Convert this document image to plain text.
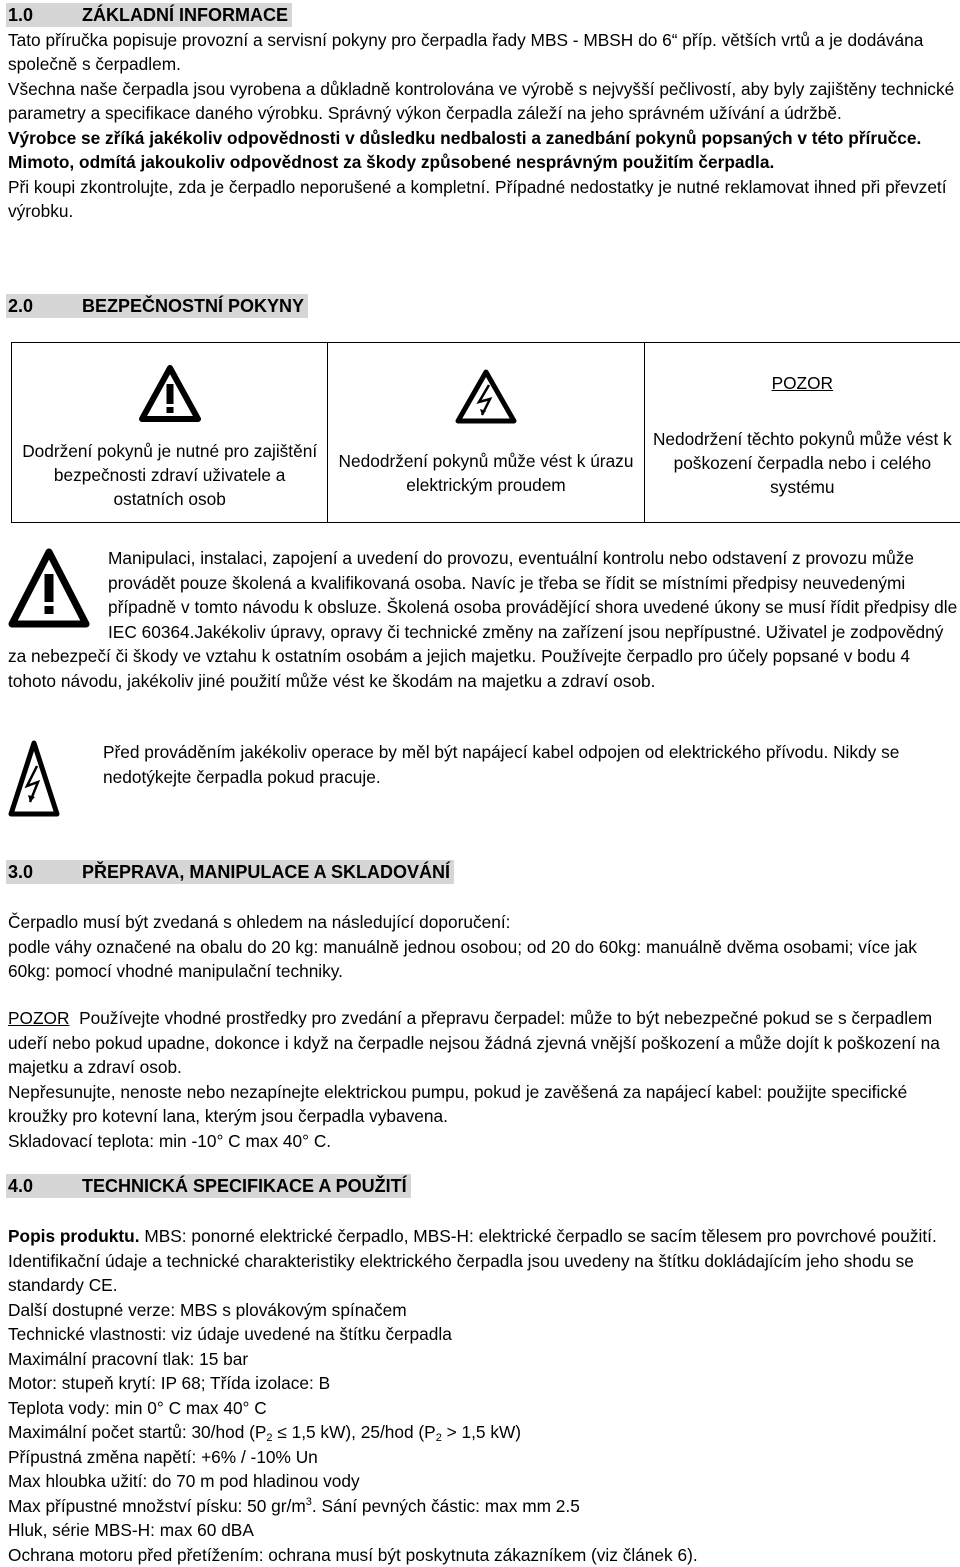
1.0	ZÁKLADNÍ INFORMACE

Tato příručka popisuje provozní a servisní pokyny pro čerpadla řady MBS - MBSH do 6“ příp. větších vrtů a je dodávána společně s čerpadlem.

Všechna naše čerpadla jsou vyrobena a důkladně kontrolována ve výrobě s nejvyšší pečlivostí, aby byly zajištěny technické parametry a specifikace daného výrobku. Správný výkon čerpadla záleží na jeho správném užívání a údržbě.

Výrobce se zříká jakékoliv odpovědnosti v důsledku nedbalosti a zanedbání pokynů popsaných v této příručce. Mimoto, odmítá jakoukoliv odpovědnost za škody způsobené nesprávným použitím čerpadla.

Při koupi zkontrolujte, zda je čerpadlo neporušené a kompletní. Případné nedostatky je nutné reklamovat ihned při převzetí výrobku.

2.0	BEZPEČNOSTNÍ POKYNY
Dodržení pokynů je nutné pro zajištění bezpečnosti zdraví uživatele a ostatních osob

Nedodržení pokynů může vést k úrazu elektrickým proudem

POZOR
Nedodržení těchto pokynů může vést k poškození čerpadla nebo i celého systému

Manipulaci, instalaci, zapojení a uvedení do provozu, eventuální kontrolu nebo odstavení z provozu může provádět pouze školená a kvalifikovaná osoba. Navíc je třeba se řídit se místními předpisy neuvedenými případně v tomto návodu k obsluze. Školená osoba provádějící shora uvedené úkony se musí řídit předpisy dle IEC 60364.Jakékoliv úpravy, opravy či technické změny na zařízení jsou nepřípustné. Uživatel je zodpovědný za nebezpečí či škody ve vztahu k ostatním osobám a jejich majetku. Používejte čerpadlo pro účely popsané v bodu 4 tohoto návodu, jakékoliv jiné použití může vést ke škodám na majetku a zdraví osob.

Před prováděním jakékoliv operace by měl být napájecí kabel odpojen od elektrického přívodu. Nikdy se nedotýkejte čerpadla pokud pracuje.

3.0	PŘEPRAVA, MANIPULACE A SKLADOVÁNÍ

Čerpadlo musí být zvedaná s ohledem na následující doporučení:

podle váhy označené na obalu do 20 kg: manuálně jednou osobou; od 20 do 60kg: manuálně dvěma osobami; více jak 60kg: pomocí vhodné manipulační techniky.

POZOR Používejte vhodné prostředky pro zvedání a přepravu čerpadel: může to být nebezpečné pokud se s čerpadlem udeří nebo pokud upadne, dokonce i když na čerpadle nejsou žádná zjevná vnější poškození a může dojít k poškození na majetku a zdraví osob.

Nepřesunujte, nenoste nebo nezapínejte elektrickou pumpu, pokud je zavěšená za napájecí kabel: použijte specifické kroužky pro kotevní lana, kterým jsou čerpadla vybavena.

Skladovací teplota: min -10° C max 40° C.

4.0	TECHNICKÁ SPECIFIKACE A POUŽITÍ

Popis produktu. MBS: ponorné elektrické čerpadlo, MBS-H: elektrické čerpadlo se sacím tělesem pro povrchové použití. Identifikační údaje a technické charakteristiky elektrického čerpadla jsou uvedeny na štítku dokládajícím jeho shodu se standardy CE.

Další dostupné verze: MBS s plovákovým spínačem

Technické vlastnosti: viz údaje uvedené na štítku čerpadla

Maximální pracovní tlak: 15 bar

Motor: stupeň krytí: IP 68; Třída izolace: B

Teplota vody: min 0° C max 40° C

Maximální počet startů: 30/hod ($P_2 \le 1,5$ kW), 25/hod ($P_2 > 1,5$ kW)

Přípustná změna napětí: +6% / -10% Un

Max hloubka užití: do 70 m pod hladinou vody

Max přípustné množství písku: 50 $gr/m^3$. Sání pevných částic: max mm 2.5

Hluk, série MBS-H: max 60 dBA

Ochrana motoru před přetížením: ochrana musí být poskytnuta zákazníkem (viz článek 6).
